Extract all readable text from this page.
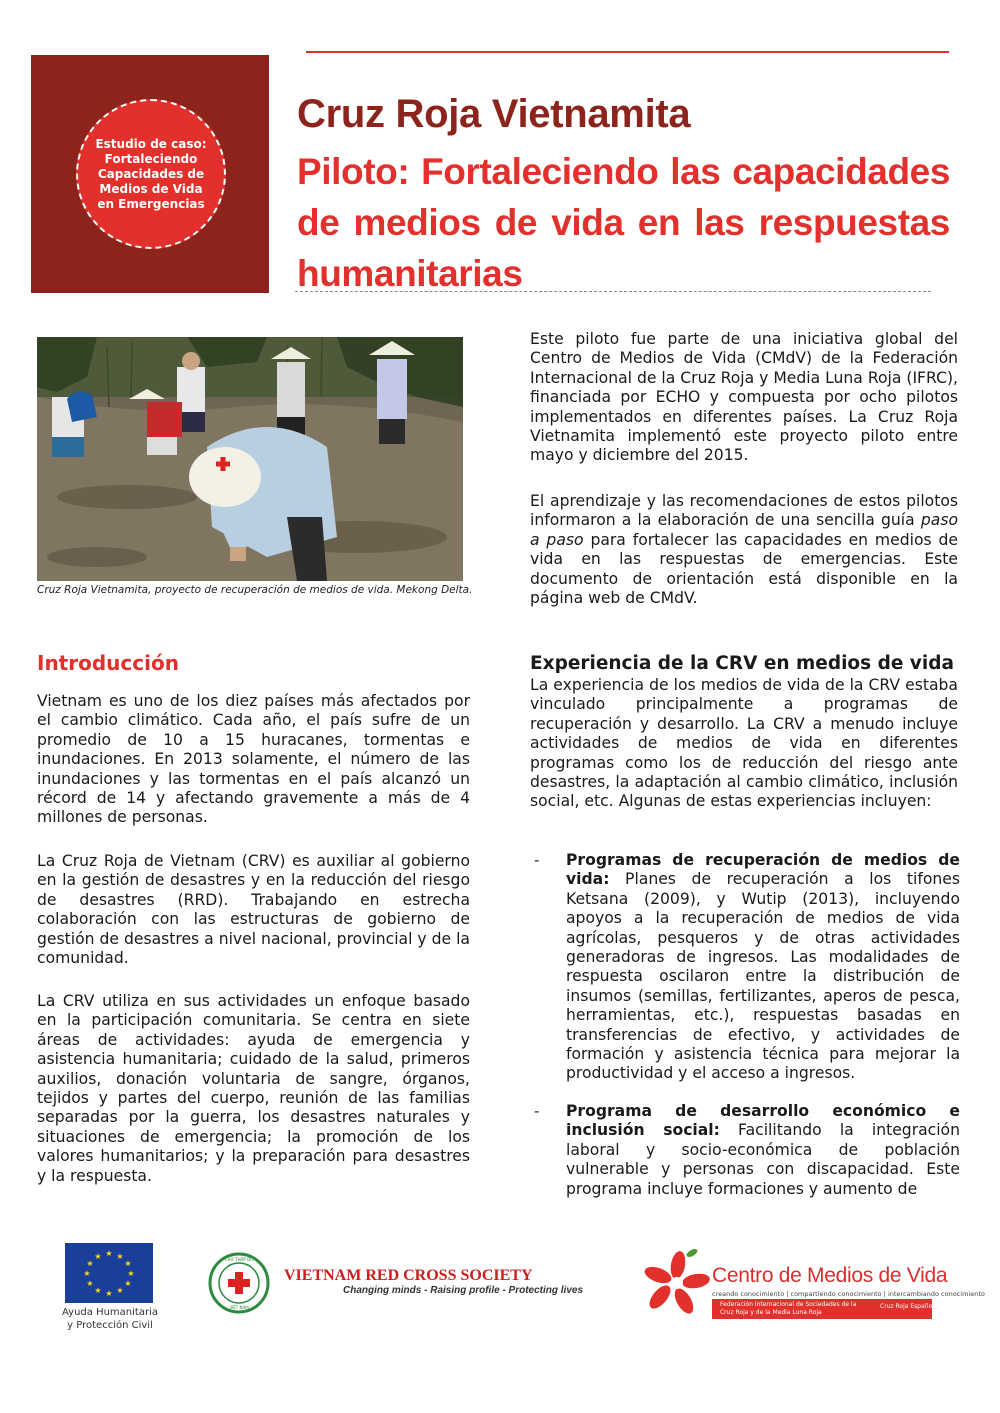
Estudio de caso: Fortaleciendo Capacidades de Medios de Vida en Emergencias
Cruz Roja Vietnamita
Piloto: Fortaleciendo las capacidades de medios de vida en las respuestas humanitarias
Cruz Roja Vietnamita, proyecto de recuperación de medios de vida. Mekong Delta.

Este piloto fue parte de una iniciativa global del Centro de Medios de Vida (CMdV) de la Federación Internacional de la Cruz Roja y Media Luna Roja (IFRC), financiada por ECHO y compuesta por ocho pilotos implementados en diferentes países. La Cruz Roja Vietnamita implementó este proyecto piloto entre mayo y diciembre del 2015.

El aprendizaje y las recomendaciones de estos pilotos informaron a la elaboración de una sencilla guía paso a paso para fortalecer las capacidades en medios de vida en las respuestas de emergencias. Este documento de orientación está disponible en la página web de CMdV.

Introducción

Vietnam es uno de los diez países más afectados por el cambio climático. Cada año, el país sufre de un promedio de 10 a 15 huracanes, tormentas e inundaciones. En 2013 solamente, el número de las inundaciones y las tormentas en el país alcanzó un récord de 14 y afectando gravemente a más de 4 millones de personas.

La Cruz Roja de Vietnam (CRV) es auxiliar al gobierno en la gestión de desastres y en la reducción del riesgo de desastres (RRD). Trabajando en estrecha colaboración con las estructuras de gobierno de gestión de desastres a nivel nacional, provincial y de la comunidad.

La CRV utiliza en sus actividades un enfoque basado en la participación comunitaria. Se centra en siete áreas de actividades: ayuda de emergencia y asistencia humanitaria; cuidado de la salud, primeros auxilios, donación voluntaria de sangre, órganos, tejidos y partes del cuerpo, reunión de las familias separadas por la guerra, los desastres naturales y situaciones de emergencia; la promoción de los valores humanitarios; y la preparación para desastres y la respuesta.

Experiencia de la CRV en medios de vida

La experiencia de los medios de vida de la CRV estaba vinculado principalmente a programas de recuperación y desarrollo. La CRV a menudo incluye actividades de medios de vida en diferentes programas como los de reducción del riesgo ante desastres, la adaptación al cambio climático, inclusión social, etc. Algunas de estas experiencias incluyen:

- Programas de recuperación de medios de vida: Planes de recuperación a los tifones Ketsana (2009), y Wutip (2013), incluyendo apoyos a la recuperación de medios de vida agrícolas, pesqueros y de otras actividades generadoras de ingresos. Las modalidades de respuesta oscilaron entre la distribución de insumos (semillas, fertilizantes, aperos de pesca, herramientas, etc.), respuestas basadas en transferencias de efectivo, y actividades de formación y asistencia técnica para mejorar la productividad y el acceso a ingresos.

- Programa de desarrollo económico e inclusión social: Facilitando la integración laboral y socio-económica de población vulnerable y personas con discapacidad. Este programa incluye formaciones y aumento de

★ ★
★
★
★
★
★
★
★
★
★
★
Ayuda Humanitaria
y Protección Civil
CHỮ THẬP ĐỎ
VIỆT NAM
VIETNAM RED CROSS SOCIETY
Changing minds - Raising profile - Protecting lives
Centro de Medios de Vida
creando conocimiento | compartiendo conocimiento | intercambiando conocimiento
Federación Internacional de Sociedades de la Cruz Roja y de la Media Luna Roja
Cruz Roja Española
